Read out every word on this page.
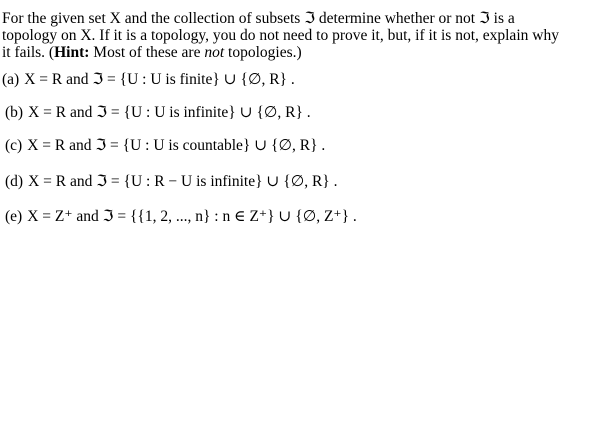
For the given set X and the collection of subsets ℑ determine whether or not ℑ is a
topology on X. If it is a topology, you do not need to prove it, but, if it is not, explain why
it fails. (Hint: Most of these are not topologies.)
(a) X = R and ℑ = {U : U is finite} ∪ {∅, R} .
(b) X = R and ℑ = {U : U is infinite} ∪ {∅, R} .
(c) X = R and ℑ = {U : U is countable} ∪ {∅, R} .
(d) X = R and ℑ = {U : R − U is infinite} ∪ {∅, R} .
(e) X = Z⁺ and ℑ = {{1, 2, ..., n} : n ∈ Z⁺} ∪ {∅, Z⁺} .
